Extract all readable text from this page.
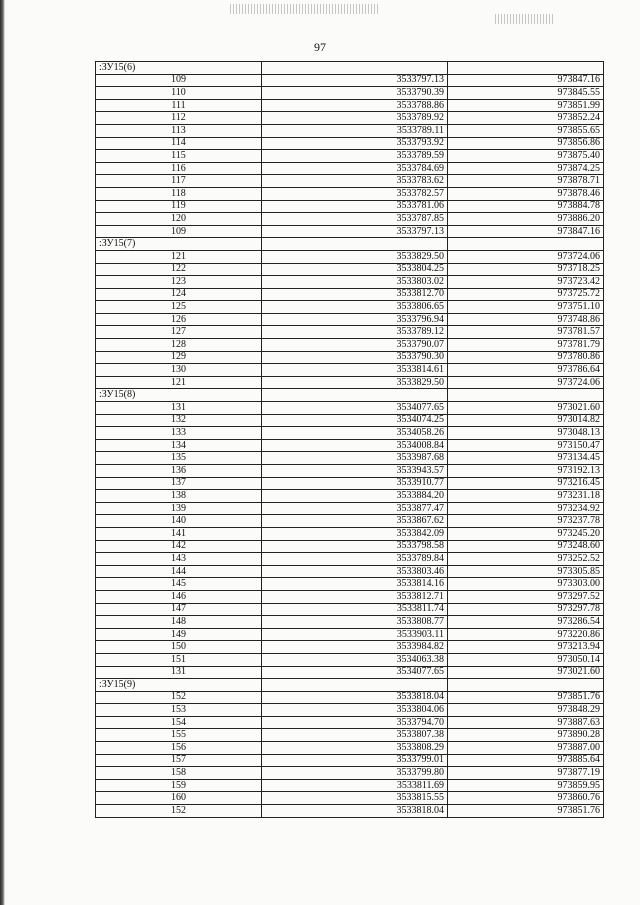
97
:ЗУ15(6)		
109	3533797.13	973847.16
110	3533790.39	973845.55
111	3533788.86	973851.99
112	3533789.92	973852.24
113	3533789.11	973855.65
114	3533793.92	973856.86
115	3533789.59	973875.40
116	3533784.69	973874.25
117	3533783.62	973878.71
118	3533782.57	973878.46
119	3533781.06	973884.78
120	3533787.85	973886.20
109	3533797.13	973847.16
:ЗУ15(7)		
121	3533829.50	973724.06
122	3533804.25	973718.25
123	3533803.02	973723.42
124	3533812.70	973725.72
125	3533806.65	973751.10
126	3533796.94	973748.86
127	3533789.12	973781.57
128	3533790.07	973781.79
129	3533790.30	973780.86
130	3533814.61	973786.64
121	3533829.50	973724.06
:ЗУ15(8)		
131	3534077.65	973021.60
132	3534074.25	973014.82
133	3534058.26	973048.13
134	3534008.84	973150.47
135	3533987.68	973134.45
136	3533943.57	973192.13
137	3533910.77	973216.45
138	3533884.20	973231.18
139	3533877.47	973234.92
140	3533867.62	973237.78
141	3533842.09	973245.20
142	3533798.58	973248.60
143	3533789.84	973252.52
144	3533803.46	973305.85
145	3533814.16	973303.00
146	3533812.71	973297.52
147	3533811.74	973297.78
148	3533808.77	973286.54
149	3533903.11	973220.86
150	3533984.82	973213.94
151	3534063.38	973050.14
131	3534077.65	973021.60
:ЗУ15(9)		
152	3533818.04	973851.76
153	3533804.06	973848.29
154	3533794.70	973887.63
155	3533807.38	973890.28
156	3533808.29	973887.00
157	3533799.01	973885.64
158	3533799.80	973877.19
159	3533811.69	973859.95
160	3533815.55	973860.76
152	3533818.04	973851.76
